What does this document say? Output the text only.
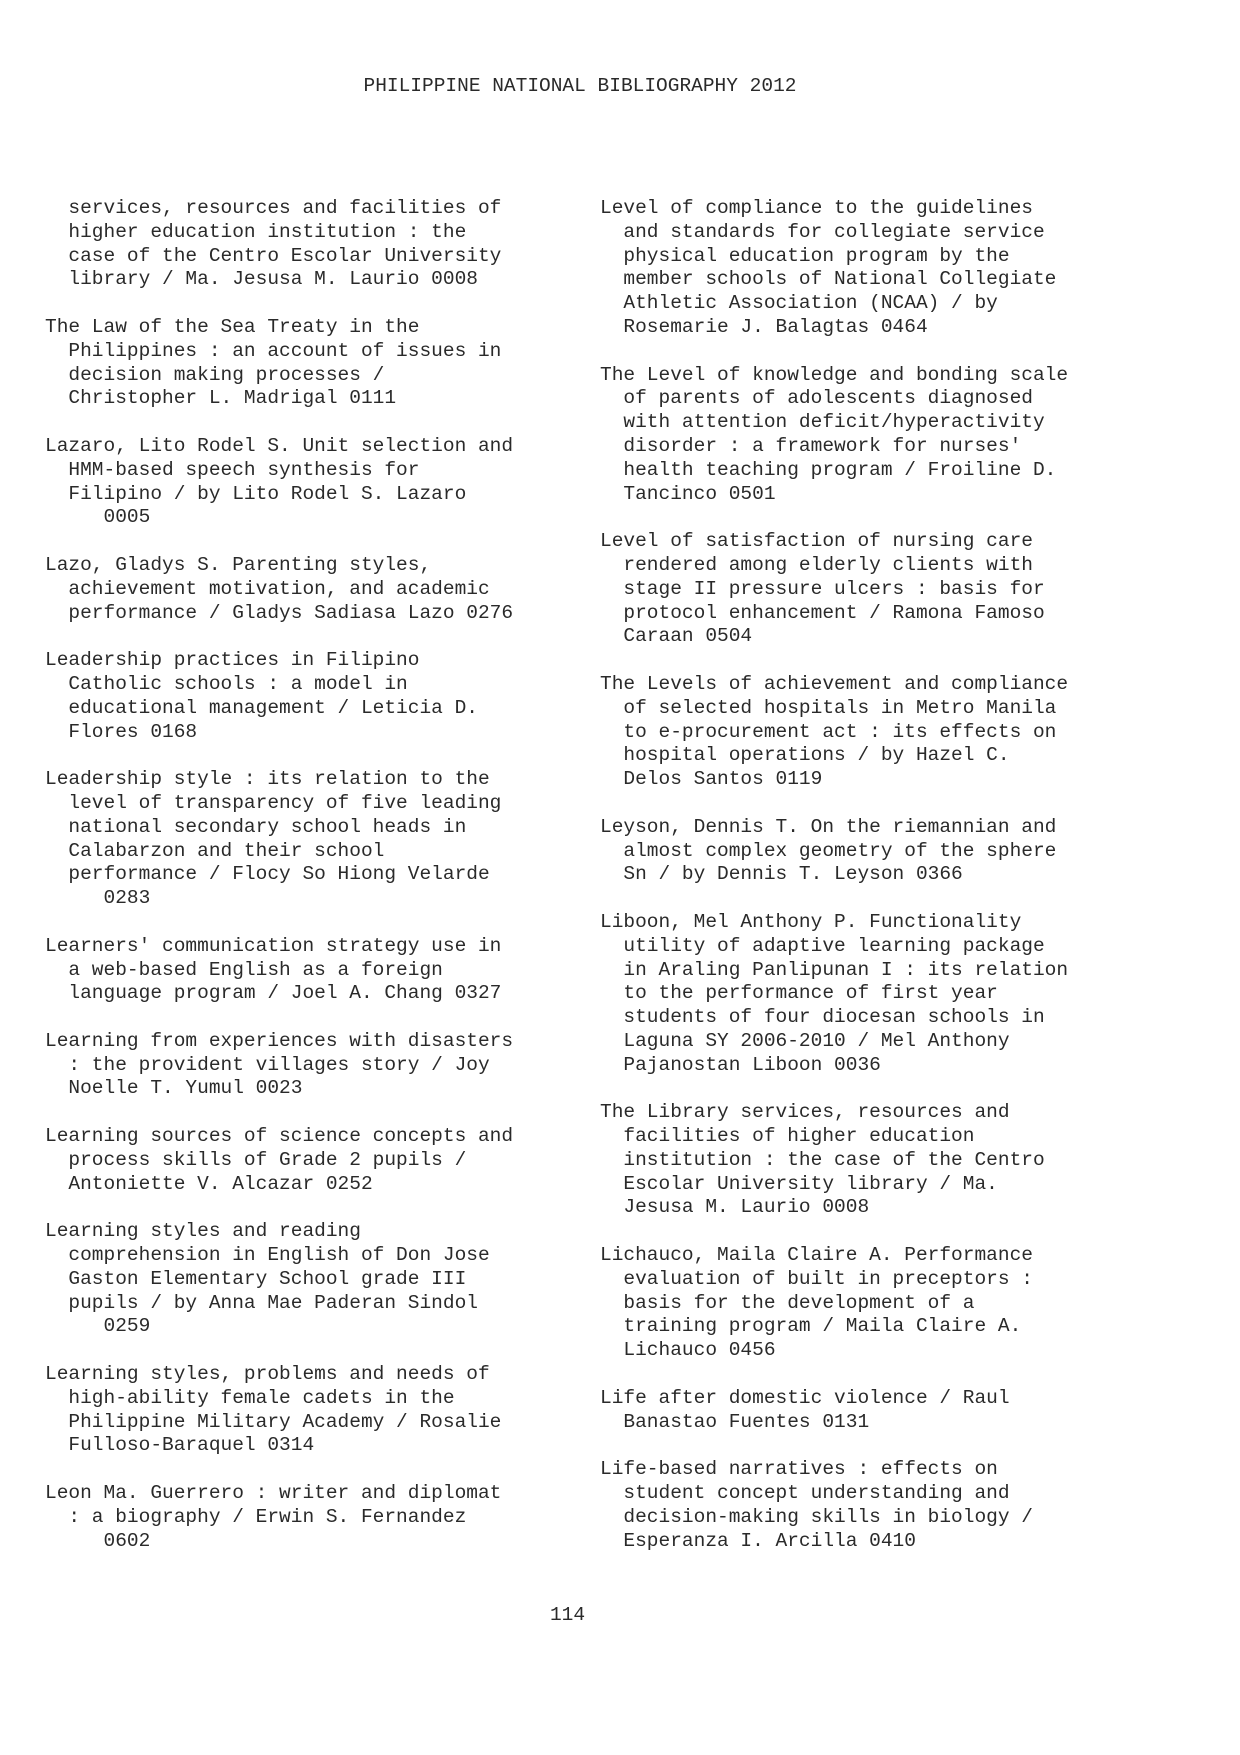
PHILIPPINE NATIONAL BIBLIOGRAPHY 2012
services, resources and facilities of
higher education institution : the
case of the Centro Escolar University
library / Ma. Jesusa M. Laurio 0008
The Law of the Sea Treaty in the
Philippines : an account of issues in
decision making processes /
Christopher L. Madrigal 0111
Lazaro, Lito Rodel S. Unit selection and
HMM-based speech synthesis for
Filipino / by Lito Rodel S. Lazaro
0005
Lazo, Gladys S. Parenting styles,
achievement motivation, and academic
performance / Gladys Sadiasa Lazo 0276
Leadership practices in Filipino
Catholic schools : a model in
educational management / Leticia D.
Flores 0168
Leadership style : its relation to the
level of transparency of five leading
national secondary school heads in
Calabarzon and their school
performance / Flocy So Hiong Velarde
0283
Learners' communication strategy use in
a web-based English as a foreign
language program / Joel A. Chang 0327
Learning from experiences with disasters
: the provident villages story / Joy
Noelle T. Yumul 0023
Learning sources of science concepts and
process skills of Grade 2 pupils /
Antoniette V. Alcazar 0252
Learning styles and reading
comprehension in English of Don Jose
Gaston Elementary School grade III
pupils / by Anna Mae Paderan Sindol
0259
Learning styles, problems and needs of
high-ability female cadets in the
Philippine Military Academy / Rosalie
Fulloso-Baraquel 0314
Leon Ma. Guerrero : writer and diplomat
: a biography / Erwin S. Fernandez
0602
Level of compliance to the guidelines
and standards for collegiate service
physical education program by the
member schools of National Collegiate
Athletic Association (NCAA) / by
Rosemarie J. Balagtas 0464
The Level of knowledge and bonding scale
of parents of adolescents diagnosed
with attention deficit/hyperactivity
disorder : a framework for nurses'
health teaching program / Froiline D.
Tancinco 0501
Level of satisfaction of nursing care
rendered among elderly clients with
stage II pressure ulcers : basis for
protocol enhancement / Ramona Famoso
Caraan 0504
The Levels of achievement and compliance
of selected hospitals in Metro Manila
to e-procurement act : its effects on
hospital operations / by Hazel C.
Delos Santos 0119
Leyson, Dennis T. On the riemannian and
almost complex geometry of the sphere
Sn / by Dennis T. Leyson 0366
Liboon, Mel Anthony P. Functionality
utility of adaptive learning package
in Araling Panlipunan I : its relation
to the performance of first year
students of four diocesan schools in
Laguna SY 2006-2010 / Mel Anthony
Pajanostan Liboon 0036
The Library services, resources and
facilities of higher education
institution : the case of the Centro
Escolar University library / Ma.
Jesusa M. Laurio 0008
Lichauco, Maila Claire A. Performance
evaluation of built in preceptors :
basis for the development of a
training program / Maila Claire A.
Lichauco 0456
Life after domestic violence / Raul
Banastao Fuentes 0131
Life-based narratives : effects on
student concept understanding and
decision-making skills in biology /
Esperanza I. Arcilla 0410
114
